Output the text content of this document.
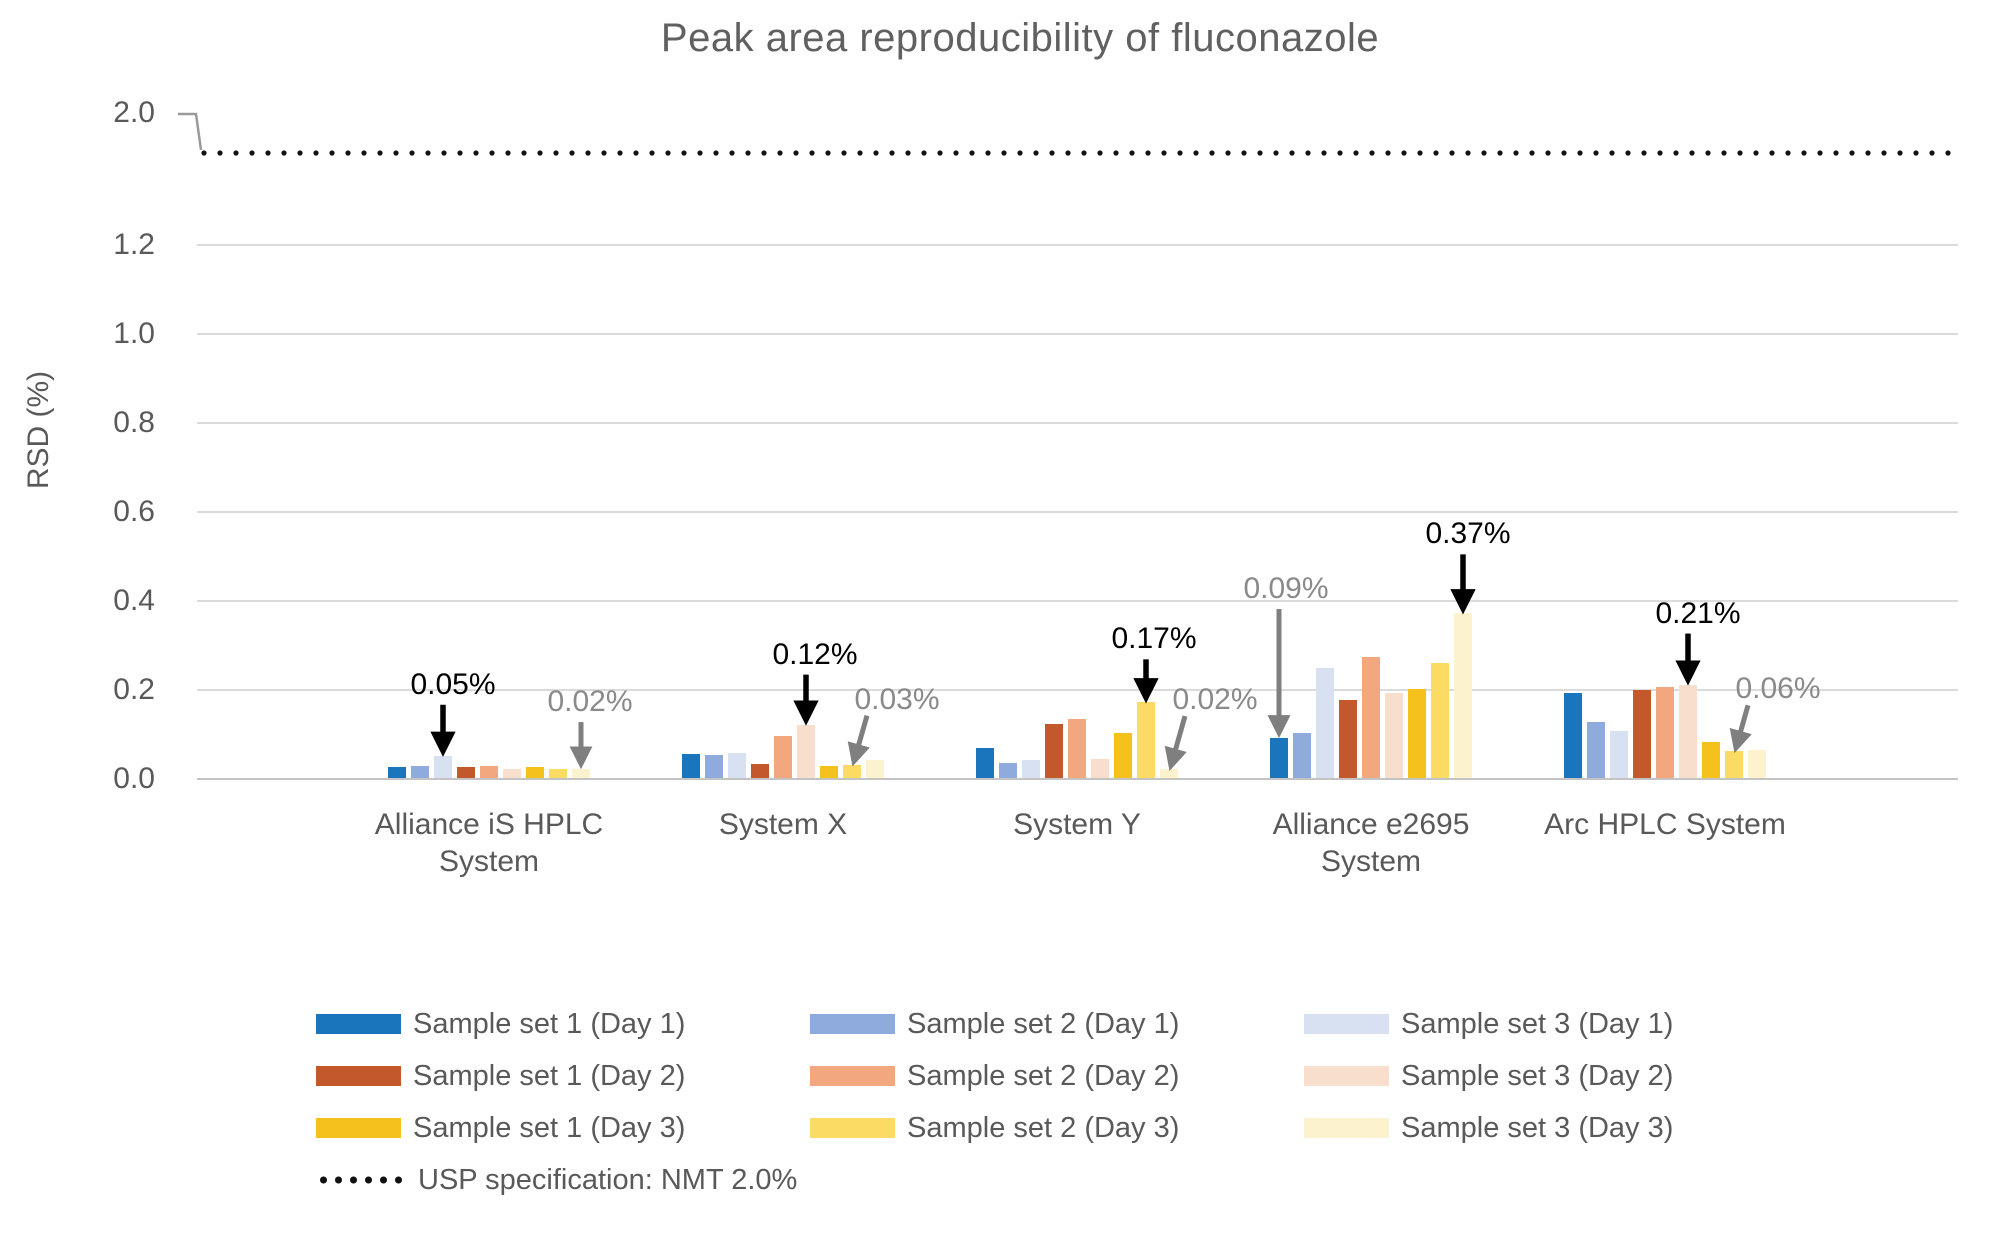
Peak area reproducibility of fluconazole
RSD (%)
2.0
1.2
1.0
0.8
0.6
0.4
0.2
0.0
Alliance iS HPLC System
System X	System Y	Alliance e2695 System
Arc HPLC System
0.05%
0.02%
0.12%
0.03%
0.17%
0.02%
0.09%
0.37%
0.21%
0.06%
Sample set 1 (Day 1)	Sample set 2 (Day 1)	Sample set 3 (Day 1)
Sample set 1 (Day 2)	Sample set 2 (Day 2)	Sample set 3 (Day 2)
Sample set 1 (Day 3)	Sample set 2 (Day 3)	Sample set 3 (Day 3)
USP specification: NMT 2.0%
